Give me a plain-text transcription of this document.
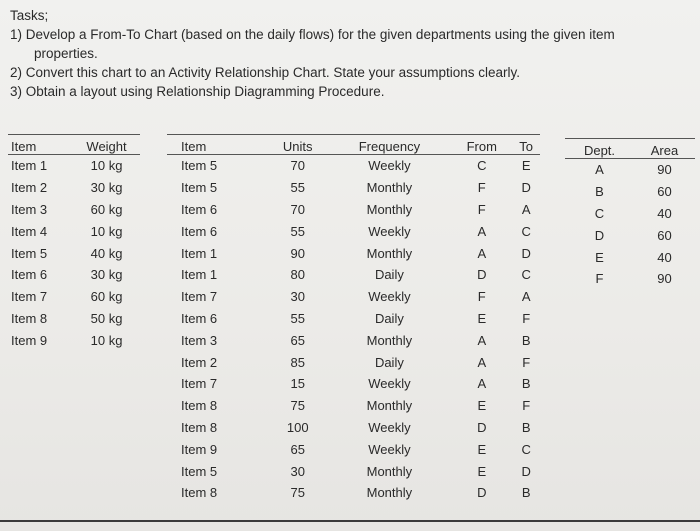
Tasks;
1) Develop a From-To Chart (based on the daily flows) for the given departments using the given item
properties.
2) Convert this chart to an Activity Relationship Chart. State your assumptions clearly.
3) Obtain a layout using Relationship Diagramming Procedure.
Item	Weight
Item 1	10 kg
Item 2	30 kg
Item 3	60 kg
Item 4	10 kg
Item 5	40 kg
Item 6	30 kg
Item 7	60 kg
Item 8	50 kg
Item 9	10 kg
Item	Units	Frequency	From	To
Item 5	70	Weekly	C	E
Item 5	55	Monthly	F	D
Item 6	70	Monthly	F	A
Item 6	55	Weekly	A	C
Item 1	90	Monthly	A	D
Item 1	80	Daily	D	C
Item 7	30	Weekly	F	A
Item 6	55	Daily	E	F
Item 3	65	Monthly	A	B
Item 2	85	Daily	A	F
Item 7	15	Weekly	A	B
Item 8	75	Monthly	E	F
Item 8	100	Weekly	D	B
Item 9	65	Weekly	E	C
Item 5	30	Monthly	E	D
Item 8	75	Monthly	D	B
Dept.	Area
A	90
B	60
C	40
D	60
E	40
F	90
